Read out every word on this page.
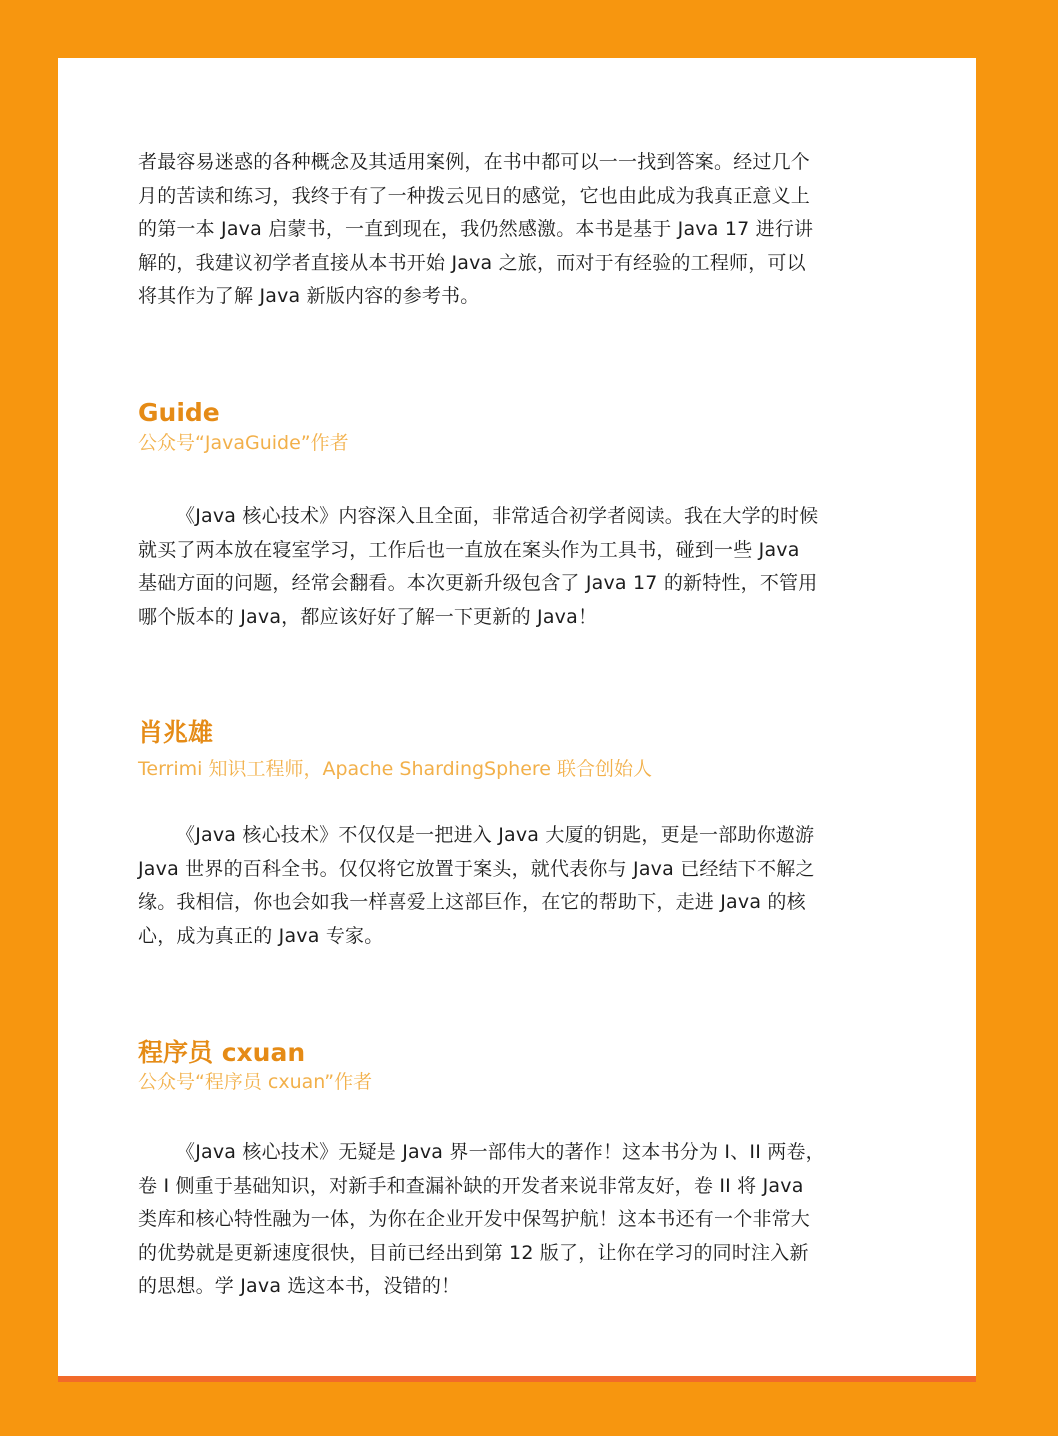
者最容易迷惑的各种概念及其适用案例，在书中都可以一一找到答案。经过几个
月的苦读和练习，我终于有了一种拨云见日的感觉，它也由此成为我真正意义上
的第一本 Java 启蒙书，一直到现在，我仍然感激。本书是基于 Java 17 进行讲
解的，我建议初学者直接从本书开始 Java 之旅，而对于有经验的工程师，可以
将其作为了解 Java 新版内容的参考书。

Guide

公众号“JavaGuide”作者

《Java 核心技术》内容深入且全面，非常适合初学者阅读。我在大学的时候
就买了两本放在寝室学习，工作后也一直放在案头作为工具书，碰到一些 Java
基础方面的问题，经常会翻看。本次更新升级包含了 Java 17 的新特性，不管用
哪个版本的 Java，都应该好好了解一下更新的 Java！

肖兆雄

Terrimi 知识工程师，Apache ShardingSphere 联合创始人

《Java 核心技术》不仅仅是一把进入 Java 大厦的钥匙，更是一部助你遨游
Java 世界的百科全书。仅仅将它放置于案头，就代表你与 Java 已经结下不解之
缘。我相信，你也会如我一样喜爱上这部巨作，在它的帮助下，走进 Java 的核
心，成为真正的 Java 专家。

程序员 cxuan

公众号“程序员 cxuan”作者

《Java 核心技术》无疑是 Java 界一部伟大的著作！这本书分为 I、II 两卷，
卷 I 侧重于基础知识，对新手和查漏补缺的开发者来说非常友好，卷 II 将 Java
类库和核心特性融为一体，为你在企业开发中保驾护航！这本书还有一个非常大
的优势就是更新速度很快，目前已经出到第 12 版了，让你在学习的同时注入新
的思想。学 Java 选这本书，没错的！
